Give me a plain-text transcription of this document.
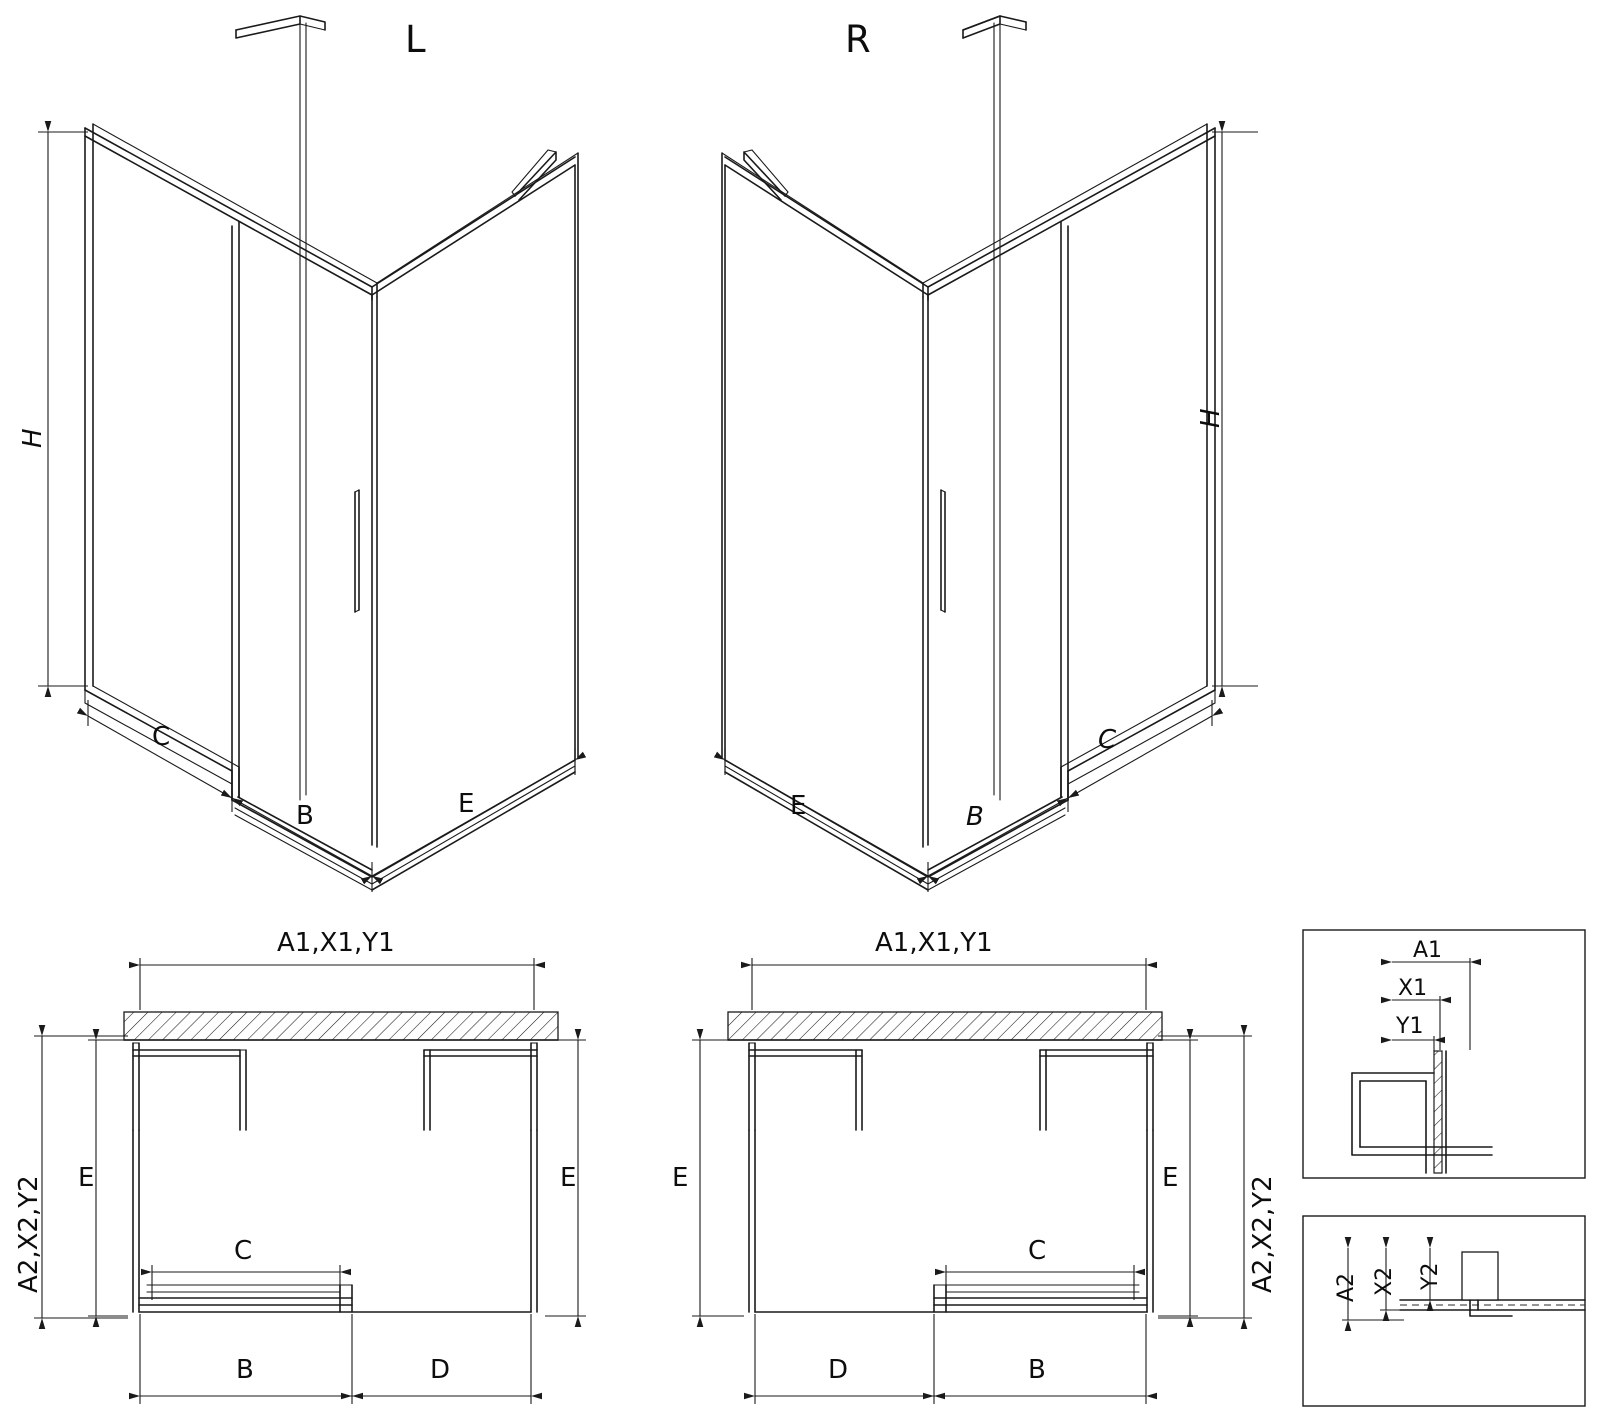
L
H
C
B	E
R
H
C
B
E
A1,X1,Y1
A2,X2,Y2 E	E
C
B	D
A1,X1,Y1
A2,X2,Y2
E	E
C
D	B
A1
X1
Y1
A2 X2 Y2
